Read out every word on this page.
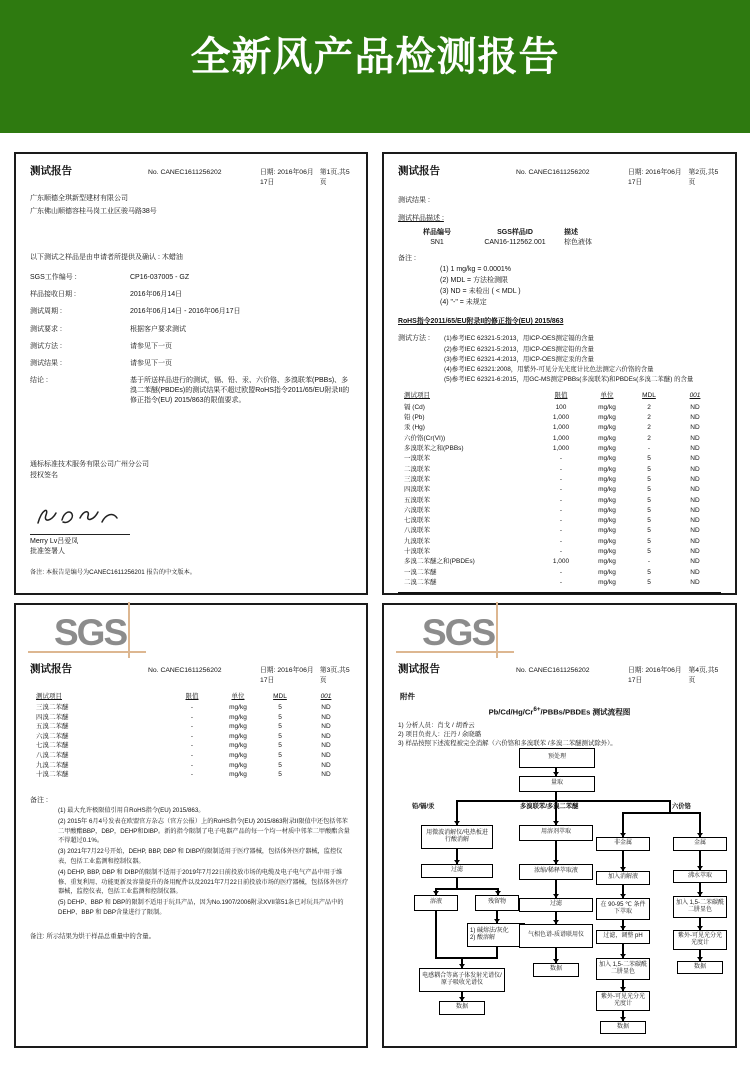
全新风产品检测报告
测试报告	No. CANEC1611256202	日期: 2016年06月17日
第1页,共5页
广东顺德全琪新型建材有限公司
广东佛山顺德容桂马岗工业区骏马路38号
以下测试之样品是由申请者所提供及确认 : 木蜡油
SGS工作编号 :	CP16-037005 - GZ
样品接收日期 :	2016年06月14日
测试周期 :	2016年06月14日 - 2016年06月17日
测试要求 :	根据客户要求测试
测试方法 :	请参见下一页
测试结果 :	请参见下一页
结论 :	基于所送样品进行的测试，镉、铅、汞、六价铬、多溴联苯(PBBs)、多溴二苯醚(PBDEs)的测试结果不超过欧盟RoHS指令2011/65/EU附录II的修正指令(EU) 2015/863的限值要求。
通标标准技术服务有限公司广州分公司
授权签名
Merry Lv吕爱凤
批准签署人
备注: 本报告是编号为CANEC1611256201 报告的中文版本。
测试报告	No. CANEC1611256202	日期: 2016年06月17日
第2页,共5页
测试结果 :
测试样品描述 :
样品编号	SGS样品ID	描述
SN1	CAN16-112562.001	棕色液体
备注 :
(1) 1 mg/kg = 0.0001%
(2) MDL = 方法检测限
(3) ND = 未检出 ( < MDL )
(4) "-" = 未规定
RoHS指令2011/65/EU附录II的修正指令(EU) 2015/863
测试方法 :	(1)参考IEC 62321-5:2013，用ICP-OES测定镉的含量
(2)参考IEC 62321-5:2013，用ICP-OES测定铅的含量
(3)参考IEC 62321-4:2013，用ICP-OES测定汞的含量
(4)参考IEC 62321:2008，用紫外-可见分光光度计比色法测定六价铬的含量
(5)参考IEC 62321-6:2015，用GC-MS测定PBBs(多溴联苯)和PBDEs(多溴二苯醚) 的含量
测试项目	限值	单位	MDL	001
镉 (Cd)	100	mg/kg	2	ND
铅 (Pb)	1,000	mg/kg	2	ND
汞 (Hg)	1,000	mg/kg	2	ND
六价铬(Cr(VI))	1,000	mg/kg	2	ND
多溴联苯之和(PBBs)	1,000	mg/kg	-	ND
一溴联苯	-	mg/kg	5	ND
二溴联苯	-	mg/kg	5	ND
三溴联苯	-	mg/kg	5	ND
四溴联苯	-	mg/kg	5	ND
五溴联苯	-	mg/kg	5	ND
六溴联苯	-	mg/kg	5	ND
七溴联苯	-	mg/kg	5	ND
八溴联苯	-	mg/kg	5	ND
九溴联苯	-	mg/kg	5	ND
十溴联苯	-	mg/kg	5	ND
多溴二苯醚之和(PBDEs)	1,000	mg/kg	-	ND
一溴二苯醚	-	mg/kg	5	ND
二溴二苯醚	-	mg/kg	5	ND
SGS
测试报告	No. CANEC1611256202	日期: 2016年06月17日
第3页,共5页
测试项目	限值	单位	MDL	001
三溴二苯醚	-	mg/kg	5	ND
四溴二苯醚	-	mg/kg	5	ND
五溴二苯醚	-	mg/kg	5	ND
六溴二苯醚	-	mg/kg	5	ND
七溴二苯醚	-	mg/kg	5	ND
八溴二苯醚	-	mg/kg	5	ND
九溴二苯醚	-	mg/kg	5	ND
十溴二苯醚	-	mg/kg	5	ND
备注 :
(1) 最大允许极限值引用自RoHS指令(EU) 2015/863。
(2) 2015年 6月4号发表在欧盟官方杂志（官方公报）上的RoHS指令(EU) 2015/863附录II限值中还包括邻苯二甲酸酯BBP，DBP，DEHP和DIBP。新的指令限制了电子电器产品的每一个均一材质中邻苯二甲酸酯含量不得超过0.1%。
(3) 2021年7月22号开始，DEHP, BBP, DBP 和 DIBP的限制适用于医疗器械，包括体外医疗器械，监控仪表，包括工业监测和控制仪器。
(4) DEHP, BBP, DBP 和 DIBP的限制不适用于2019年7月22日前投放市场的电缆及电子电气产品中用于维修、重复利用、功能更新及容量提升的备用配件以及2021年7月22日前投放市场的医疗器械，包括体外医疗器械，监控仪表，包括工业监测和控制仪器。
(5) DEHP、BBP 和 DBP的限制不适用于玩具产品，因为No.1907/2006附录XVII第51条已对玩具产品中的DEHP、BBP 和 DBP含量进行了限制。
备注: 所示结果为烘干样品总重量中的含量。
SGS
测试报告	No. CANEC1611256202	日期: 2016年06月17日
第4页,共5页
附件
$Pb/Cd/Hg/Cr^{6+}/PBBs$/PBDEs 测试流程图
1) 分析人员：肖戈 / 胡香云
2) 项目负责人：汪丹 / 余晓璐
3) 样品按照下述流程被完全消解（六价铬和多溴联苯 /多溴二苯醚测试除外）。
预处理
量取
铅/镉/汞	多溴联苯/多溴二苯醚	六价铬
用微波消解仪/电热板进行酸消解
过滤
溶液	残留物
1) 碱熔法/灰化
2) 酸溶解
电感耦合等离子体发射光谱仪/原子吸收光谱仪
数据
用溶剂萃取
浓缩/稀释萃取液
过滤
气相色谱-质谱联用仪
数据
非金属
加入消解液
在 90-95 ℃ 条件下萃取
过滤，调整 pH
加入 1,5-二苯碳酰二肼显色
紫外-可见光分光光度计
数据
金属
沸水萃取
加入 1,5-二苯碳酰二肼显色
紫外-可见光分光光度计
数据
